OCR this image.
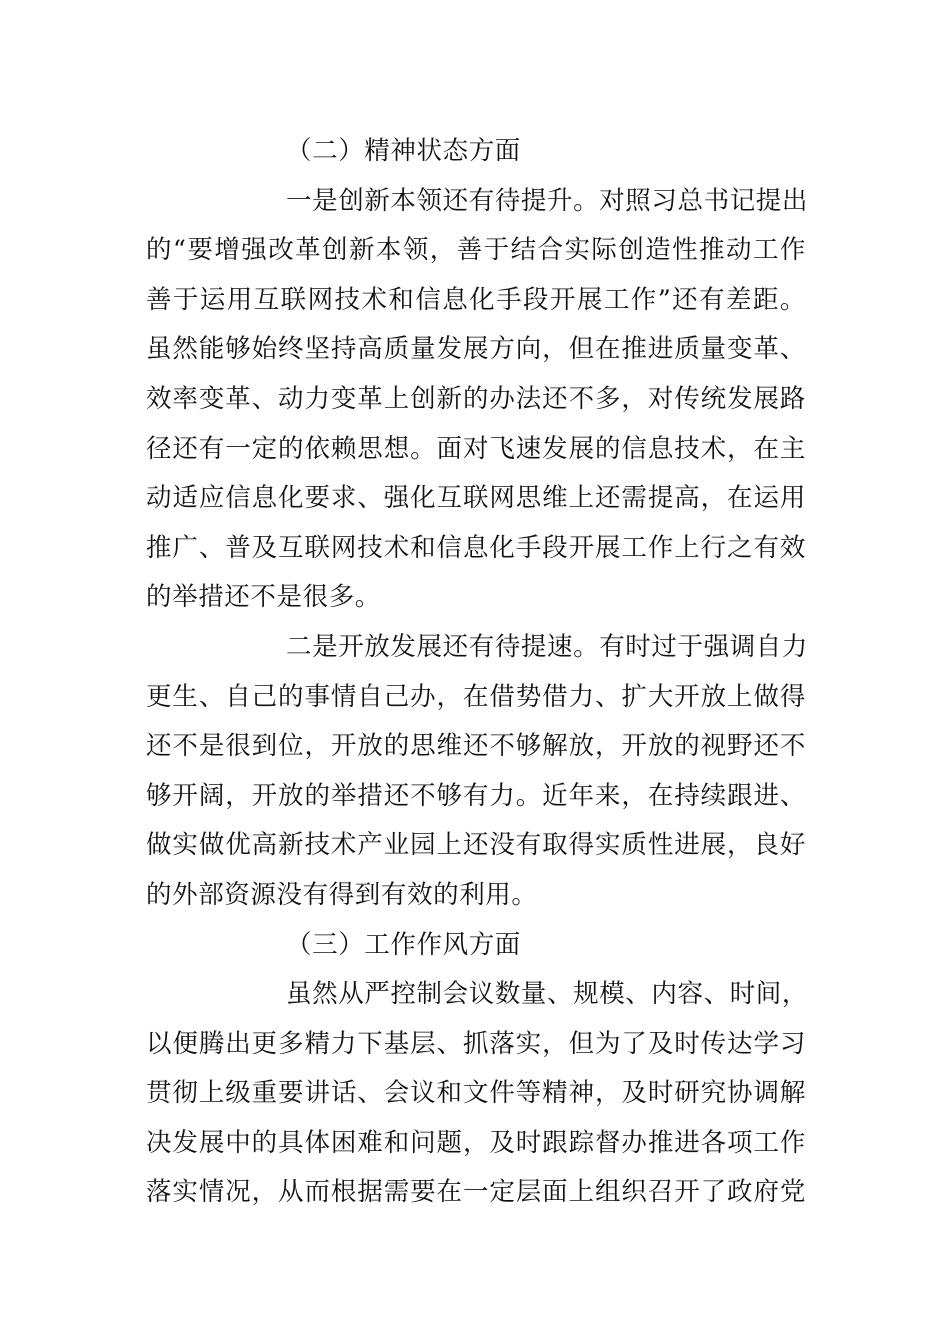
（二）精神状态方面
一是创新本领还有待提升。对照习总书记提出
的“要增强改革创新本领，善于结合实际创造性推动工作
善于运用互联网技术和信息化手段开展工作”还有差距。
虽然能够始终坚持高质量发展方向，但在推进质量变革、
效率变革、动力变革上创新的办法还不多，对传统发展路
径还有一定的依赖思想。面对飞速发展的信息技术，在主
动适应信息化要求、强化互联网思维上还需提高，在运用
推广、普及互联网技术和信息化手段开展工作上行之有效
的举措还不是很多。
二是开放发展还有待提速。有时过于强调自力
更生、自己的事情自己办，在借势借力、扩大开放上做得
还不是很到位，开放的思维还不够解放，开放的视野还不
够开阔，开放的举措还不够有力。近年来，在持续跟进、
做实做优高新技术产业园上还没有取得实质性进展，良好
的外部资源没有得到有效的利用。
（三）工作作风方面
虽然从严控制会议数量、规模、内容、时间，
以便腾出更多精力下基层、抓落实，但为了及时传达学习
贯彻上级重要讲话、会议和文件等精神，及时研究协调解
决发展中的具体困难和问题，及时跟踪督办推进各项工作
落实情况，从而根据需要在一定层面上组织召开了政府党
